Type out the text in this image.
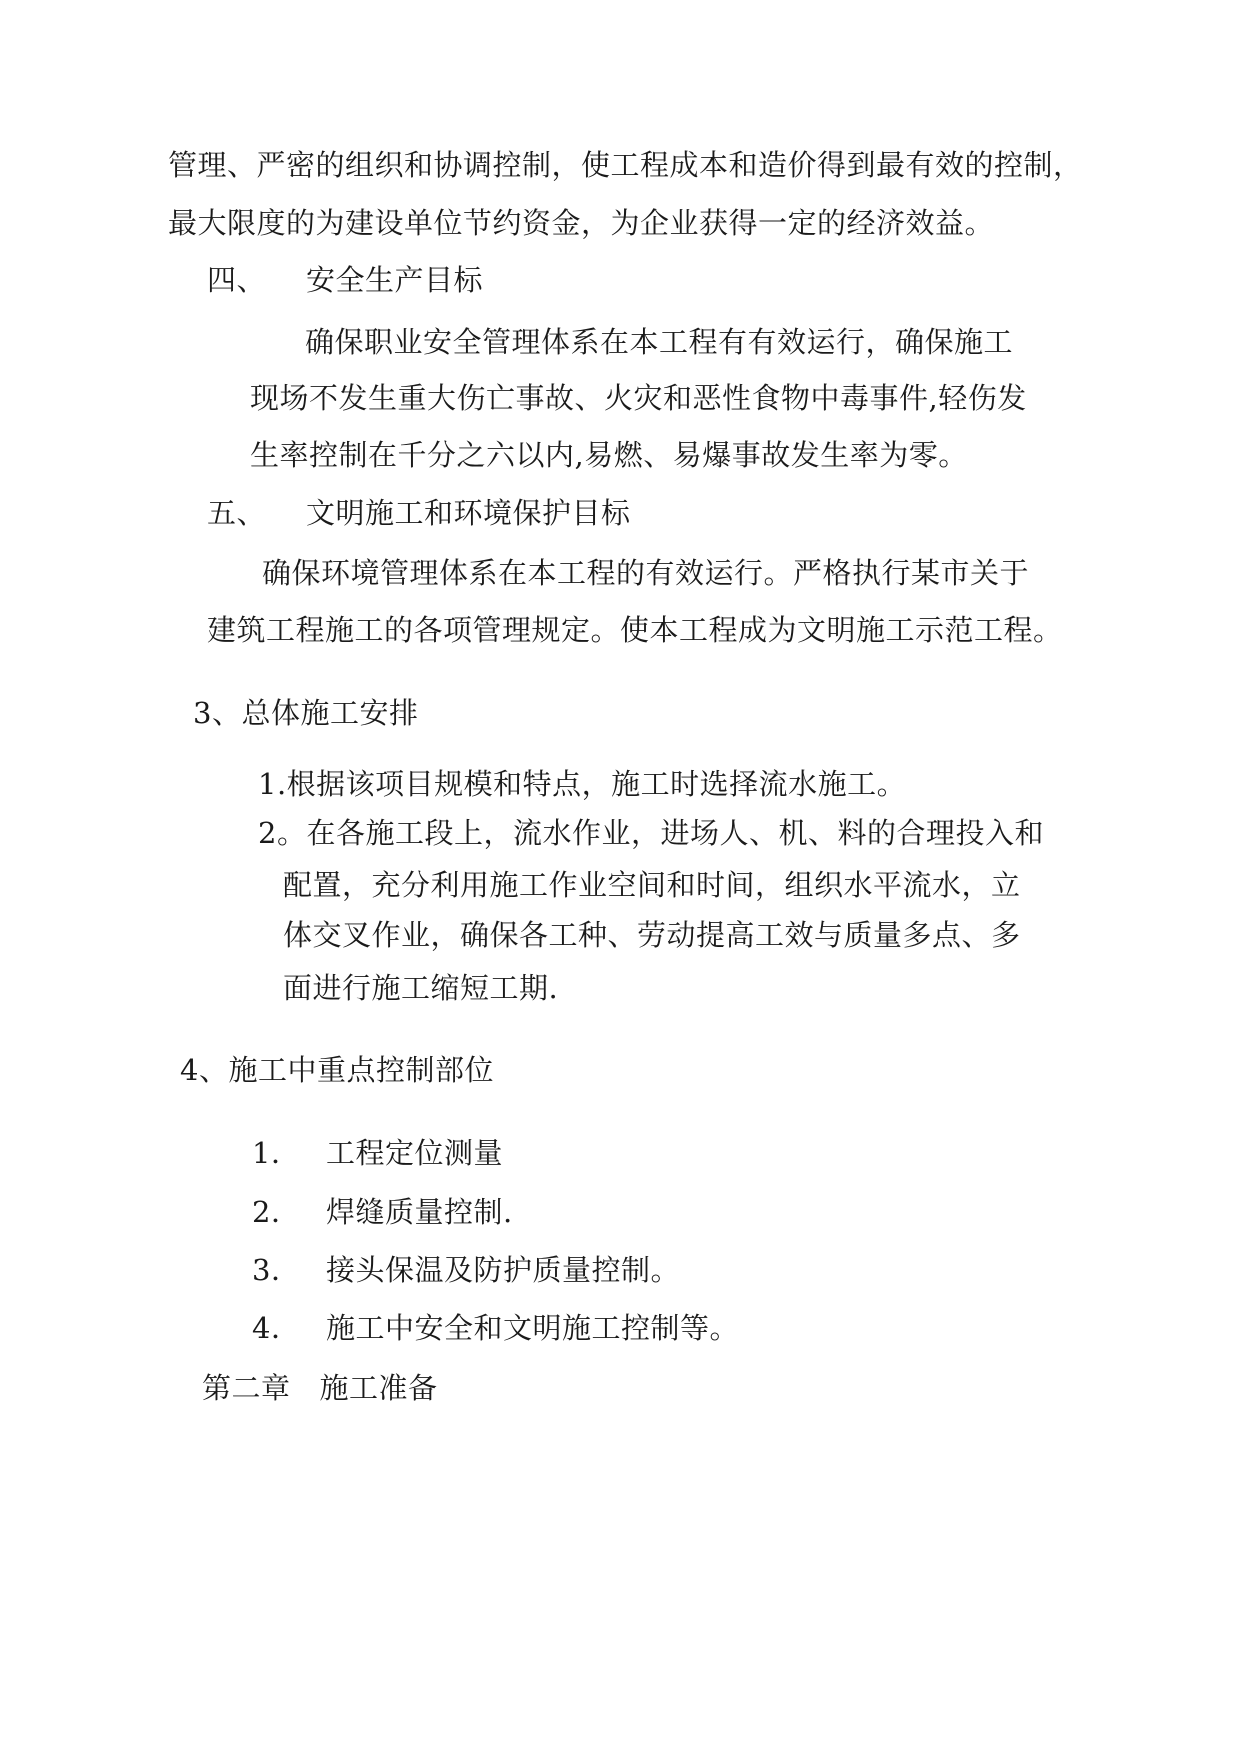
管理、严密的组织和协调控制，使工程成本和造价得到最有效的控制，
最大限度的为建设单位节约资金，为企业获得一定的经济效益。
四、 安全生产目标
确保职业安全管理体系在本工程有有效运行，确保施工
现场不发生重大伤亡事故、火灾和恶性食物中毒事件,轻伤发
生率控制在千分之六以内,易燃、易爆事故发生率为零。
五、 文明施工和环境保护目标
确保环境管理体系在本工程的有效运行。严格执行某市关于
建筑工程施工的各项管理规定。使本工程成为文明施工示范工程。
3、总体施工安排
1.根据该项目规模和特点，施工时选择流水施工。
2。在各施工段上，流水作业，进场人、机、料的合理投入和
配置，充分利用施工作业空间和时间，组织水平流水，立
体交叉作业，确保各工种、劳动提高工效与质量多点、多
面进行施工缩短工期.
4、施工中重点控制部位
1． 工程定位测量
2． 焊缝质量控制.
3． 接头保温及防护质量控制。
4． 施工中安全和文明施工控制等。
第二章 施工准备
